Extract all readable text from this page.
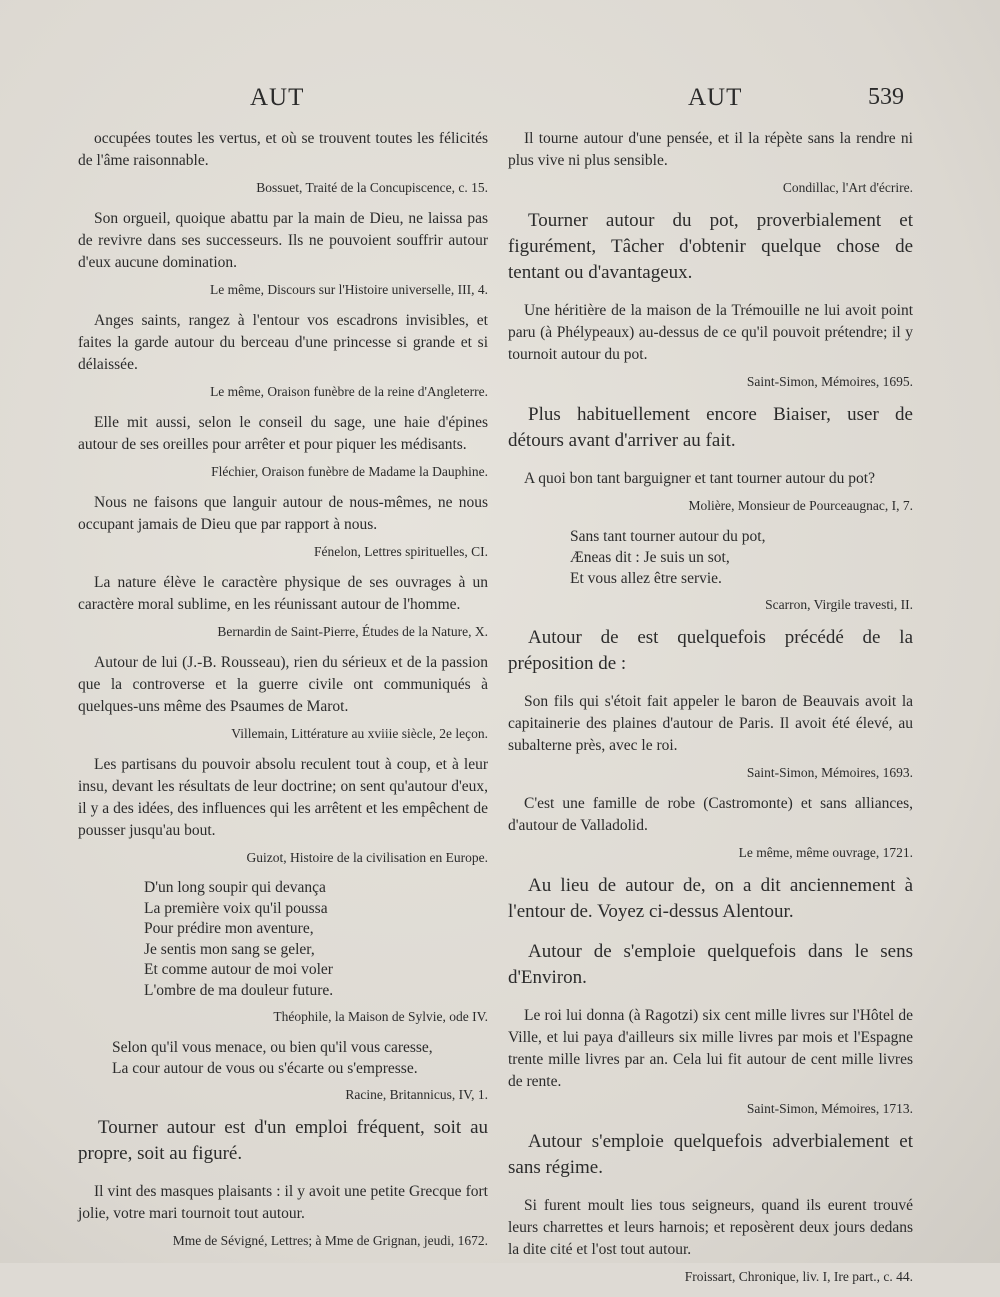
AUT	AUT	539

occupées toutes les vertus, et où se trouvent toutes les félicités de l'âme raisonnable.

Bossuet, Traité de la Concupiscence, c. 15.

Son orgueil, quoique abattu par la main de Dieu, ne laissa pas de revivre dans ses successeurs. Ils ne pouvoient souffrir autour d'eux aucune domination.

Le même, Discours sur l'Histoire universelle, III, 4.

Anges saints, rangez à l'entour vos escadrons invisibles, et faites la garde autour du berceau d'une princesse si grande et si délaissée.

Le même, Oraison funèbre de la reine d'Angleterre.

Elle mit aussi, selon le conseil du sage, une haie d'épines autour de ses oreilles pour arrêter et pour piquer les médisants.

Fléchier, Oraison funèbre de Madame la Dauphine.

Nous ne faisons que languir autour de nous-mêmes, ne nous occupant jamais de Dieu que par rapport à nous.

Fénelon, Lettres spirituelles, CI.

La nature élève le caractère physique de ses ouvrages à un caractère moral sublime, en les réunissant autour de l'homme.

Bernardin de Saint-Pierre, Études de la Nature, X.

Autour de lui (J.-B. Rousseau), rien du sérieux et de la passion que la controverse et la guerre civile ont communiqués à quelques-uns même des Psaumes de Marot.

Villemain, Littérature au xviiie siècle, 2e leçon.

Les partisans du pouvoir absolu reculent tout à coup, et à leur insu, devant les résultats de leur doctrine; on sent qu'autour d'eux, il y a des idées, des influences qui les arrêtent et les empêchent de pousser jusqu'au bout.

Guizot, Histoire de la civilisation en Europe.

D'un long soupir qui devança
La première voix qu'il poussa
Pour prédire mon aventure,
Je sentis mon sang se geler,
Et comme autour de moi voler
L'ombre de ma douleur future.

Théophile, la Maison de Sylvie, ode IV.

Selon qu'il vous menace, ou bien qu'il vous caresse,
La cour autour de vous ou s'écarte ou s'empresse.

Racine, Britannicus, IV, 1.

Tourner autour est d'un emploi fréquent, soit au propre, soit au figuré.

Il vint des masques plaisants : il y avoit une petite Grecque fort jolie, votre mari tournoit tout autour.

Mme de Sévigné, Lettres; à Mme de Grignan, jeudi, 1672.

Il tourne autour d'une pensée, et il la répète sans la rendre ni plus vive ni plus sensible.

Condillac, l'Art d'écrire.

Tourner autour du pot, proverbialement et figurément, Tâcher d'obtenir quelque chose de tentant ou d'avantageux.

Une héritière de la maison de la Trémouille ne lui avoit point paru (à Phélypeaux) au-dessus de ce qu'il pouvoit prétendre; il y tournoit autour du pot.

Saint-Simon, Mémoires, 1695.

Plus habituellement encore Biaiser, user de détours avant d'arriver au fait.

A quoi bon tant barguigner et tant tourner autour du pot?

Molière, Monsieur de Pourceaugnac, I, 7.

Sans tant tourner autour du pot,
Æneas dit : Je suis un sot,
Et vous allez être servie.

Scarron, Virgile travesti, II.

Autour de est quelquefois précédé de la préposition de :

Son fils qui s'étoit fait appeler le baron de Beauvais avoit la capitainerie des plaines d'autour de Paris. Il avoit été élevé, au subalterne près, avec le roi.

Saint-Simon, Mémoires, 1693.

C'est une famille de robe (Castromonte) et sans alliances, d'autour de Valladolid.

Le même, même ouvrage, 1721.

Au lieu de autour de, on a dit anciennement à l'entour de. Voyez ci-dessus Alentour.

Autour de s'emploie quelquefois dans le sens d'Environ.

Le roi lui donna (à Ragotzi) six cent mille livres sur l'Hôtel de Ville, et lui paya d'ailleurs six mille livres par mois et l'Espagne trente mille livres par an. Cela lui fit autour de cent mille livres de rente.

Saint-Simon, Mémoires, 1713.

Autour s'emploie quelquefois adverbialement et sans régime.

Si furent moult lies tous seigneurs, quand ils eurent trouvé leurs charrettes et leurs harnois; et reposèrent deux jours dedans la dite cité et l'ost tout autour.

Froissart, Chronique, liv. I, Ire part., c. 44.
